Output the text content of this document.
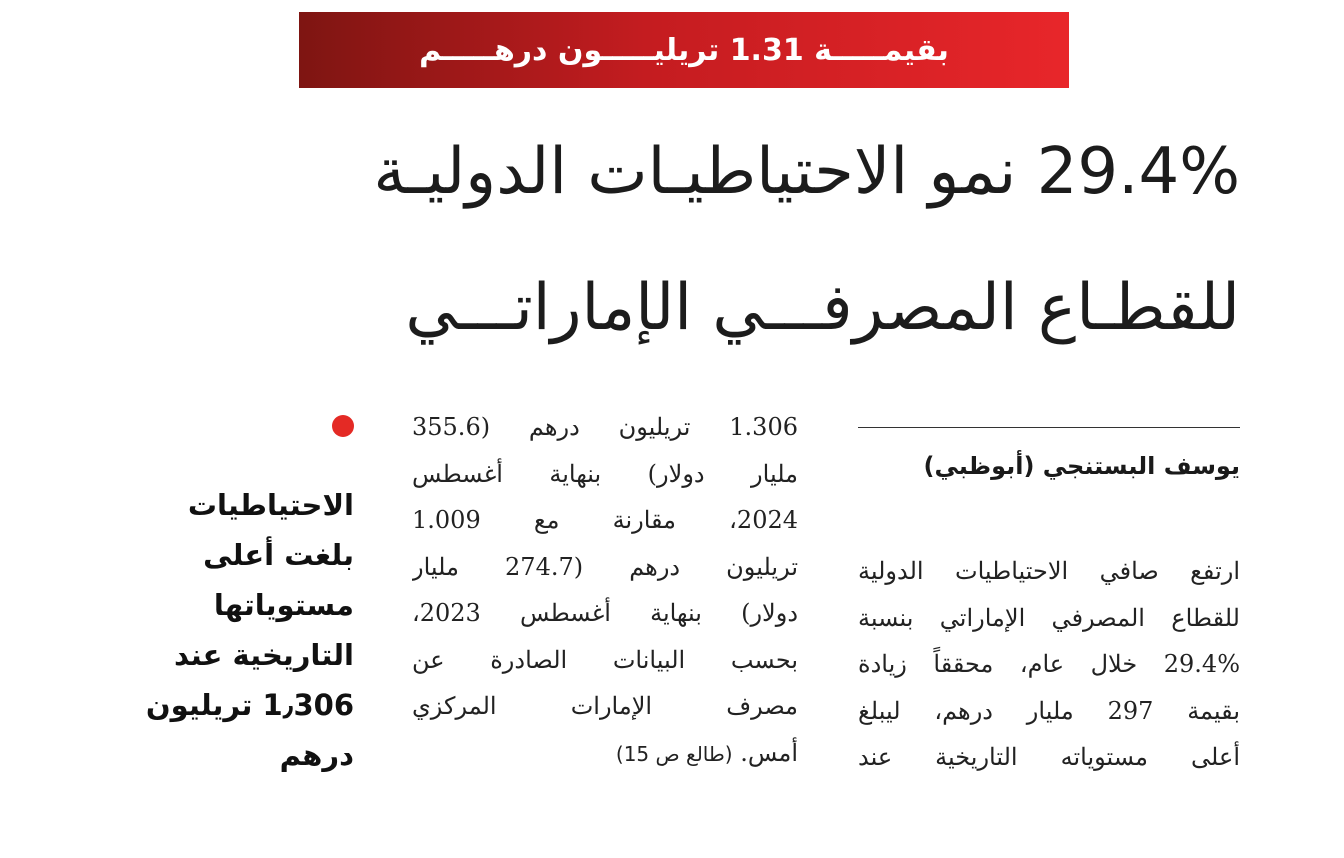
بقيمـــــة 1.31 تريليـــــون درهـــــم
29.4% نمو الاحتياطيـات الدوليـة
للقطـاع المصرفـــي الإماراتـــي
يوسف البستنجي (أبوظبي)
ارتفع صافي الاحتياطيات الدولية
للقطاع المصرفي الإماراتي بنسبة
29.4% خلال عام، محققاً زيادة
بقيمة 297 مليار درهم، ليبلغ
أعلى مستوياته التاريخية عند
1.306 تريليون درهم (355.6
مليار دولار) بنهاية أغسطس
2024، مقارنة مع 1.009
تريليون درهم (274.7 مليار
دولار) بنهاية أغسطس 2023،
بحسب البيانات الصادرة عن
مصرف الإمارات المركزي
أمس. (طالع ص 15)
الاحتياطيات
بلغت أعلى
مستوياتها
التاريخية عند
1٫306 تريليون
درهم
